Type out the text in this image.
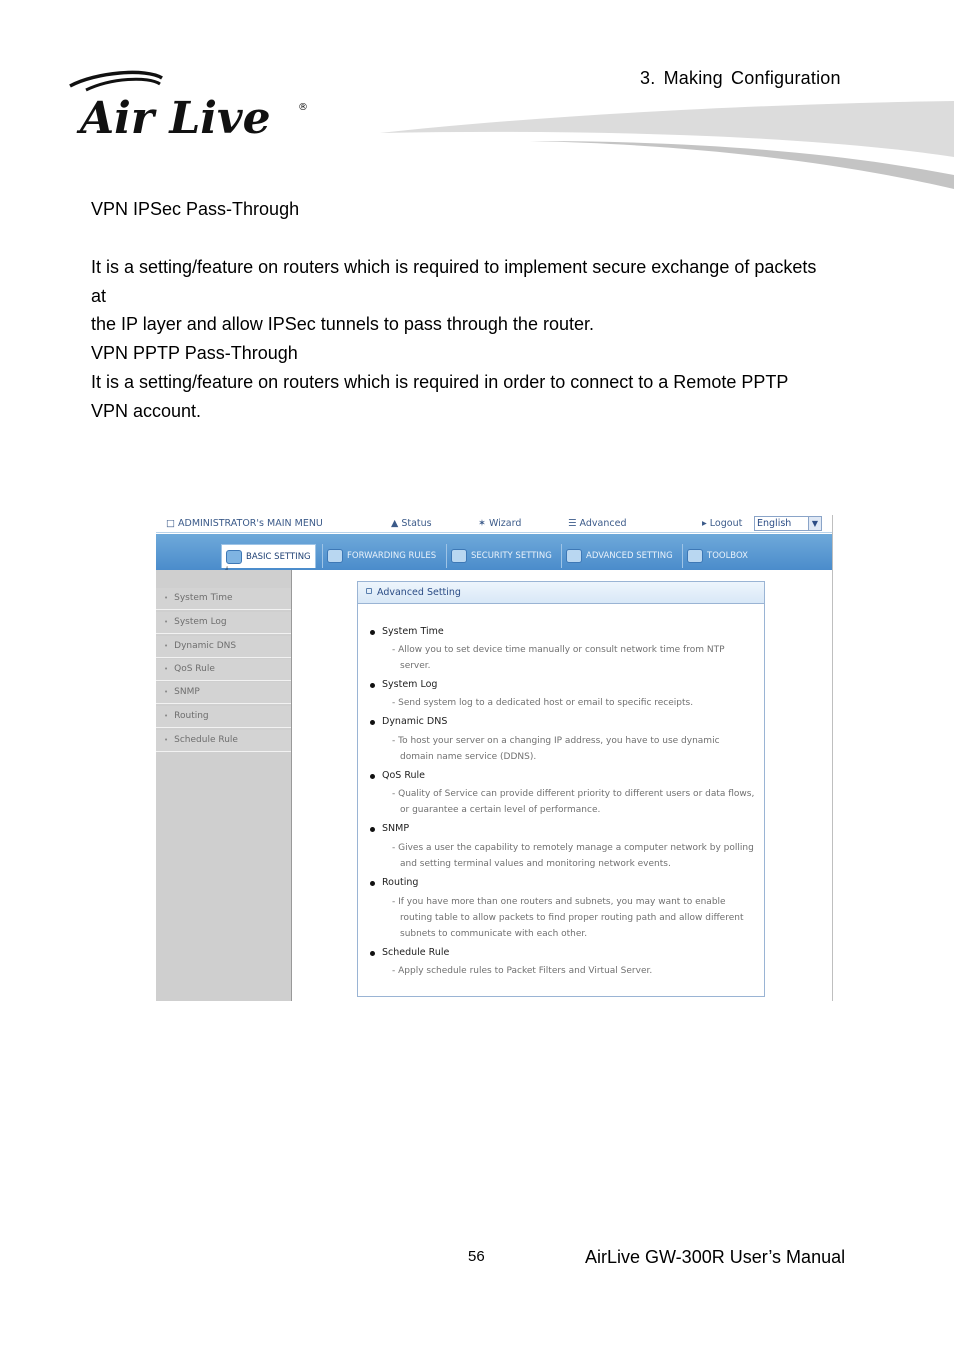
Air Live	®
3. Making Configuration
VPN IPSec Pass-Through
It is a setting/feature on routers which is required to implement secure exchange of packets
at
the IP layer and allow IPSec tunnels to pass through the router.
VPN PPTP Pass-Through
It is a setting/feature on routers which is required in order to connect to a Remote PPTP
VPN account.
□ ADMINISTRATOR's MAIN MENU	▲ Status	✶ Wizard	☰ Advanced	▸ Logout	English	▼
BASIC SETTING	FORWARDING RULES	SECURITY SETTING	ADVANCED SETTING	TOOLBOX
• System Time
• System Log
• Dynamic DNS
• QoS Rule
• SNMP
• Routing
• Schedule Rule
Advanced Setting
System Time
- Allow you to set device time manually or consult network time from NTP
server.
System Log
- Send system log to a dedicated host or email to specific receipts.
Dynamic DNS
- To host your server on a changing IP address, you have to use dynamic
domain name service (DDNS).
QoS Rule
- Quality of Service can provide different priority to different users or data flows,
or guarantee a certain level of performance.
SNMP
- Gives a user the capability to remotely manage a computer network by polling
and setting terminal values and monitoring network events.
Routing
- If you have more than one routers and subnets, you may want to enable
routing table to allow packets to find proper routing path and allow different
subnets to communicate with each other.
Schedule Rule
- Apply schedule rules to Packet Filters and Virtual Server.
56	AirLive GW-300R User’s Manual
